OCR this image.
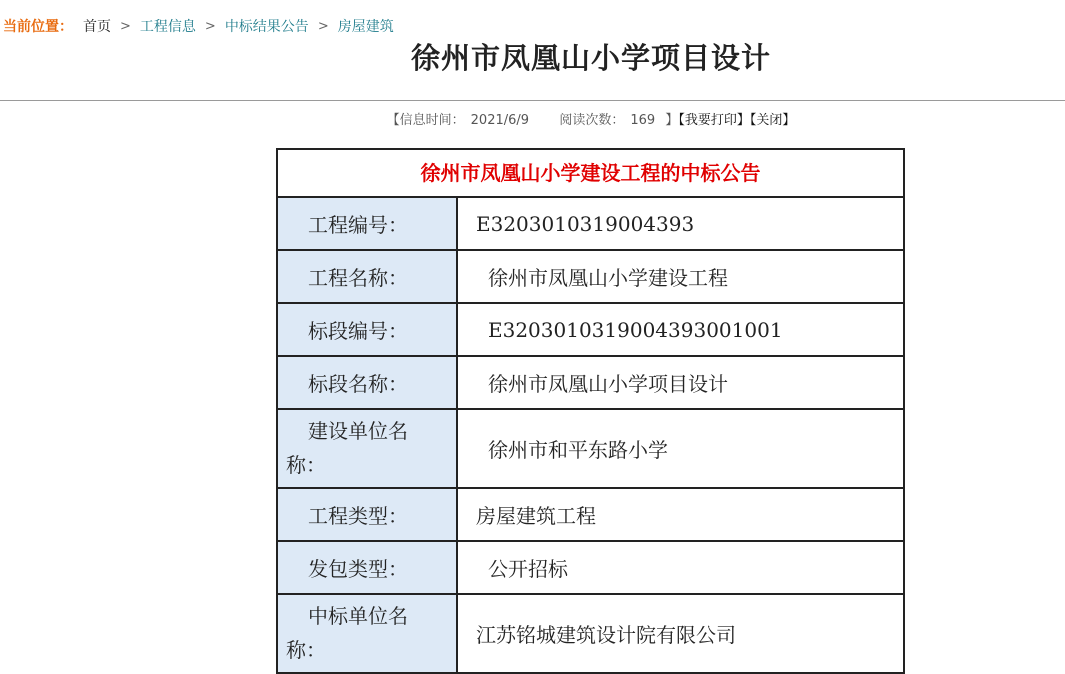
当前位置： 首页 > 工程信息 > 中标结果公告 > 房屋建筑
徐州市凤凰山小学项目设计
【信息时间： 2021/6/9 阅读次数： 169 】【我要打印】【关闭】
徐州市凤凰山小学建设工程的中标公告
工程编号：	E3203010319004393
工程名称：	徐州市凤凰山小学建设工程
标段编号：	E3203010319004393001001
标段名称：	徐州市凤凰山小学项目设计
建设单位名称：
徐州市和平东路小学
工程类型：	房屋建筑工程
发包类型：	公开招标
中标单位名称：
江苏铭城建筑设计院有限公司
